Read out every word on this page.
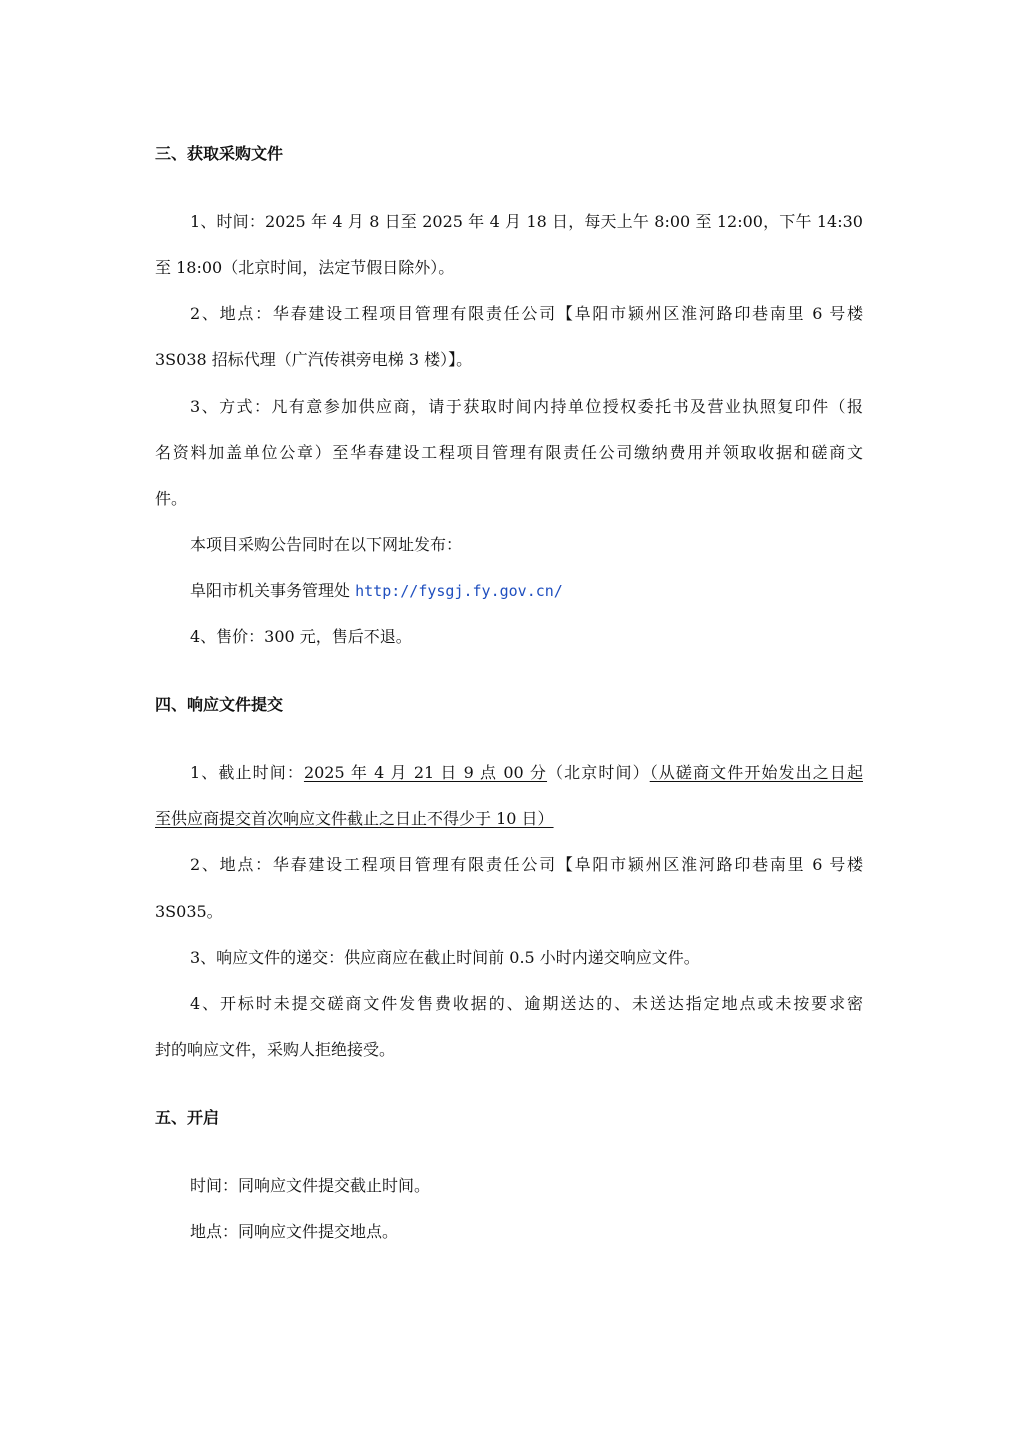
三、获取采购文件
1、时间：2025 年 4 月 8 日至 2025 年 4 月 18 日，每天上午 8:00 至 12:00，下午 14:30
至 18:00（北京时间，法定节假日除外）。
2、地点：华春建设工程项目管理有限责任公司【阜阳市颍州区淮河路印巷南里 6 号楼
3S038 招标代理（广汽传祺旁电梯 3 楼）】。
3、方式：凡有意参加供应商，请于获取时间内持单位授权委托书及营业执照复印件（报
名资料加盖单位公章）至华春建设工程项目管理有限责任公司缴纳费用并领取收据和磋商文
件。
本项目采购公告同时在以下网址发布：
阜阳市机关事务管理处 http://fysgj.fy.gov.cn/
4、售价：300 元，售后不退。
四、响应文件提交
1、截止时间：2025 年 4 月 21 日 9 点 00 分（北京时间）（从磋商文件开始发出之日起
至供应商提交首次响应文件截止之日止不得少于 10 日）
2、地点：华春建设工程项目管理有限责任公司【阜阳市颍州区淮河路印巷南里 6 号楼
3S035。
3、响应文件的递交：供应商应在截止时间前 0.5 小时内递交响应文件。
4、开标时未提交磋商文件发售费收据的、逾期送达的、未送达指定地点或未按要求密
封的响应文件，采购人拒绝接受。
五、开启
时间：同响应文件提交截止时间。
地点：同响应文件提交地点。
